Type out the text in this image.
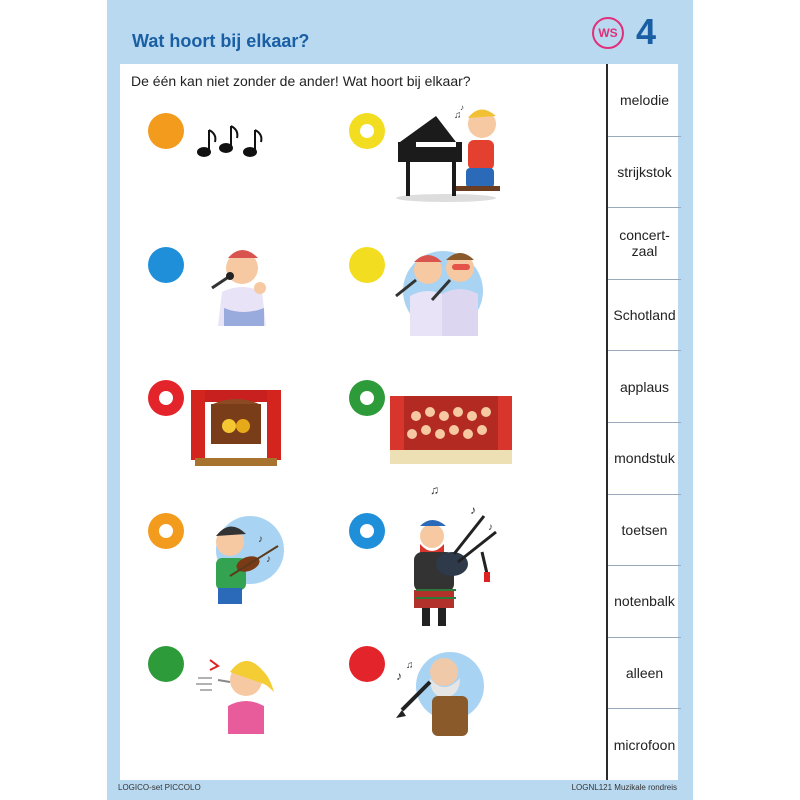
Wat hoort bij elkaar?	WS 4
De één kan niet zonder de ander! Wat hoort bij elkaar?
melodie
strijkstok
concert-
zaal
Schotland
applaus
mondstuk
toetsen
notenbalk
alleen
microfoon
♫
♪
♪
♪
♫
♪
♪
♪
♫
LOGICO-set PICCOLO	LOGNL121 Muzikale rondreis
